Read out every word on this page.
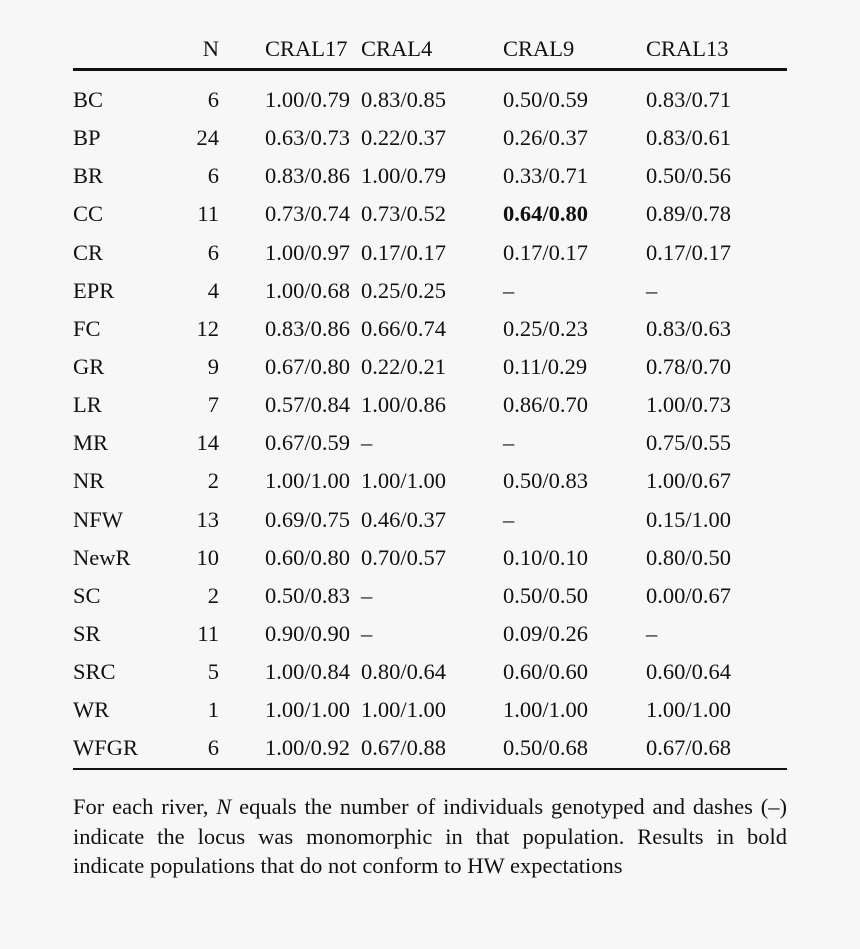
	N	CRAL17	CRAL4	CRAL9	CRAL13

BC	6	1.00/0.79	0.83/0.85	0.50/0.59	0.83/0.71
BP	24	0.63/0.73	0.22/0.37	0.26/0.37	0.83/0.61
BR	6	0.83/0.86	1.00/0.79	0.33/0.71	0.50/0.56
CC	11	0.73/0.74	0.73/0.52	0.64/0.80	0.89/0.78
CR	6	1.00/0.97	0.17/0.17	0.17/0.17	0.17/0.17
EPR	4	1.00/0.68	0.25/0.25	–	–
FC	12	0.83/0.86	0.66/0.74	0.25/0.23	0.83/0.63
GR	9	0.67/0.80	0.22/0.21	0.11/0.29	0.78/0.70
LR	7	0.57/0.84	1.00/0.86	0.86/0.70	1.00/0.73
MR	14	0.67/0.59	–	–	0.75/0.55
NR	2	1.00/1.00	1.00/1.00	0.50/0.83	1.00/0.67
NFW	13	0.69/0.75	0.46/0.37	–	0.15/1.00
NewR	10	0.60/0.80	0.70/0.57	0.10/0.10	0.80/0.50
SC	2	0.50/0.83	–	0.50/0.50	0.00/0.67
SR	11	0.90/0.90	–	0.09/0.26	–
SRC	5	1.00/0.84	0.80/0.64	0.60/0.60	0.60/0.64
WR	1	1.00/1.00	1.00/1.00	1.00/1.00	1.00/1.00
WFGR	6	1.00/0.92	0.67/0.88	0.50/0.68	0.67/0.68
For each river, N equals the number of individuals genotyped and dashes (–) indicate the locus was monomorphic in that population. Results in bold indicate populations that do not conform to HW expectations
